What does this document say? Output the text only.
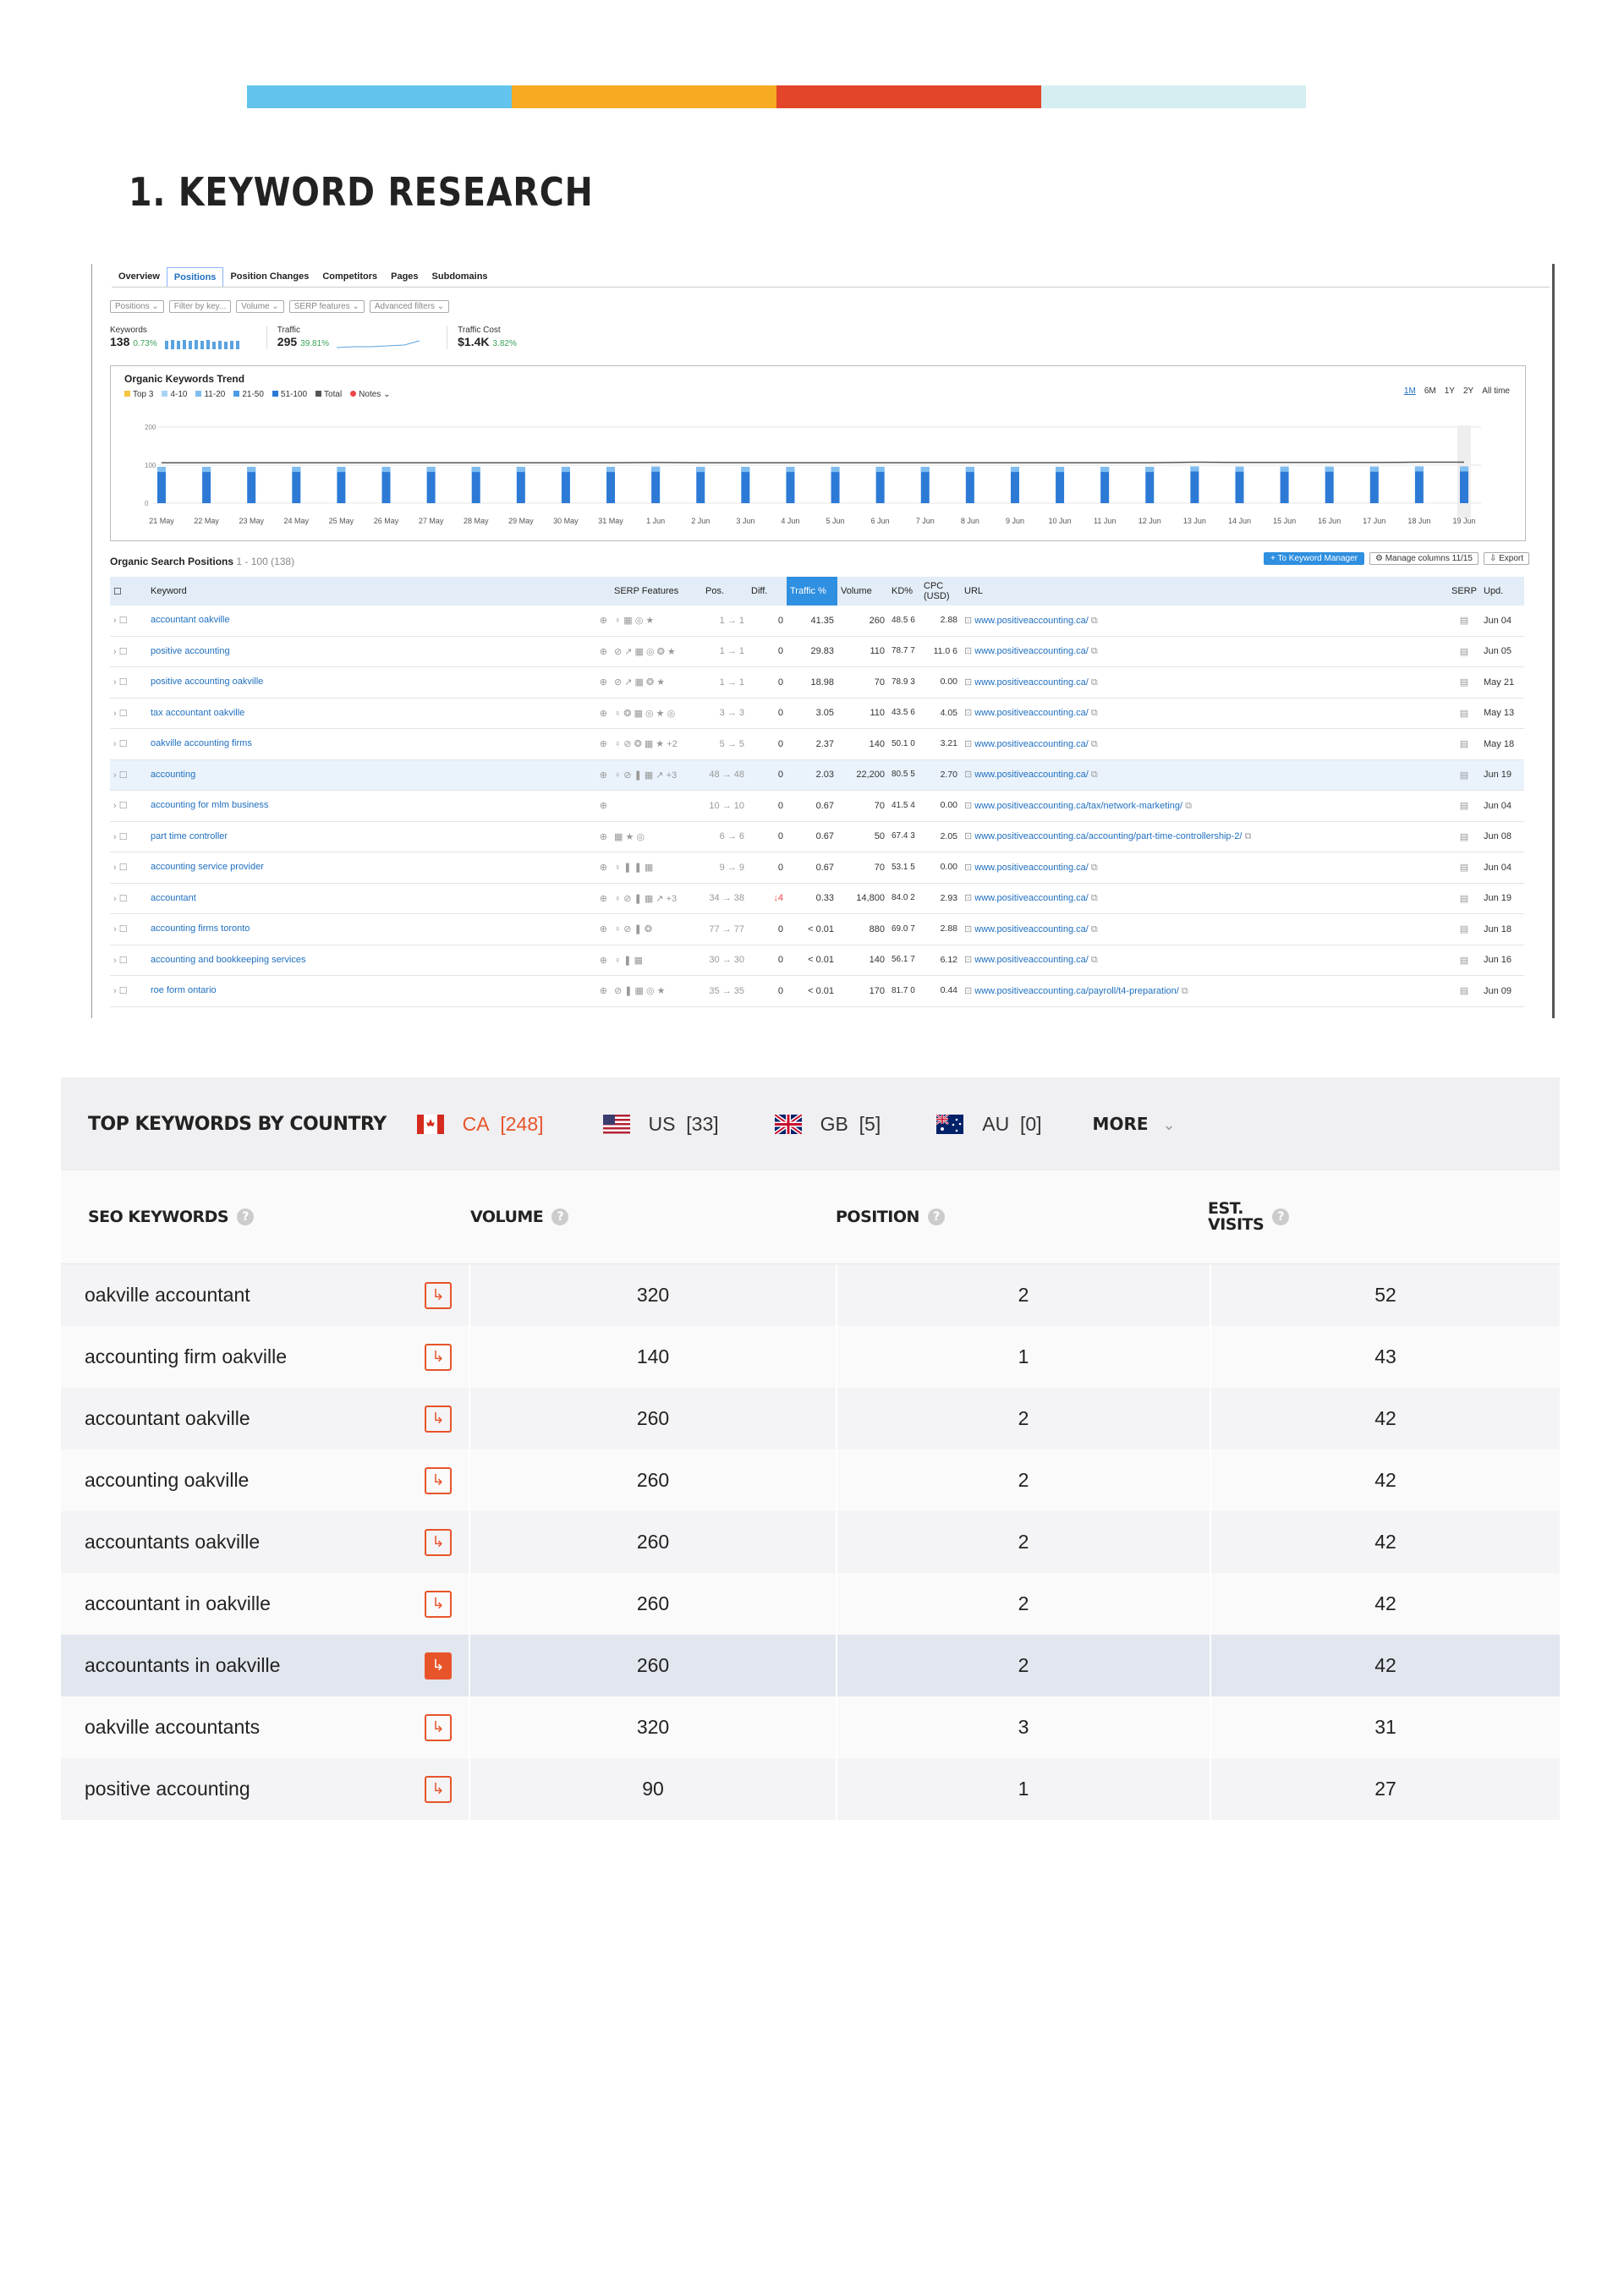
1. KEYWORD RESEARCH
Overview	Positions	Position Changes	Competitors	Pages	Subdomains
Positions ⌄	Filter by key...	Volume ⌄	SERP features ⌄	Advanced filters ⌄
Keywords
138 0.73%
Traffic
295 39.81%
Traffic Cost
$1.4K 3.82%
Organic Keywords Trend
Top 3	4-10	11-20	21-50	51-100	Total	Notes ⌄	1M 6M 1Y 2Y All time
200
100
0
21 May	22 May	23 May	24 May	25 May	26 May	27 May	28 May	29 May	30 May	31 May	1 Jun	2 Jun	3 Jun	4 Jun	5 Jun	6 Jun	7 Jun	8 Jun	9 Jun	10 Jun	11 Jun	12 Jun	13 Jun	14 Jun	15 Jun	16 Jun	17 Jun	18 Jun	19 Jun
Organic Search Positions 1 - 100 (138)	+ To Keyword Manager	⚙ Manage columns 11/15	⇩ Export
☐	Keyword	SERP Features	Pos.	Diff.	Traffic %	Volume	KD%	CPC (USD)	URL	SERP	Upd.
› ☐	accountant oakville ⊕	♀ ▦ ◎ ★	1 → 1	0	41.35	260	48.5 6	2.88	⊡ www.positiveaccounting.ca/ ⧉	▤	Jun 04
› ☐	positive accounting ⊕	⊘ ↗ ▦ ◎ ❂ ★	1 → 1	0	29.83	110	78.7 7	11.0 6	⊡ www.positiveaccounting.ca/ ⧉	▤	Jun 05
› ☐	positive accounting oakville ⊕	⊘ ↗ ▦ ❂ ★	1 → 1	0	18.98	70	78.9 3	0.00	⊡ www.positiveaccounting.ca/ ⧉	▤	May 21
› ☐	tax accountant oakville ⊕	♀ ❂ ▦ ◎ ★ ◎	3 → 3	0	3.05	110	43.5 6	4.05	⊡ www.positiveaccounting.ca/ ⧉	▤	May 13
› ☐	oakville accounting firms ⊕	♀ ⊘ ❂ ▦ ★ +2	5 → 5	0	2.37	140	50.1 0	3.21	⊡ www.positiveaccounting.ca/ ⧉	▤	May 18
› ☐	accounting ⊕	♀ ⊘ ❚ ▦ ↗ +3	48 → 48	0	2.03	22,200	80.5 5	2.70	⊡ www.positiveaccounting.ca/ ⧉	▤	Jun 19
› ☐	accounting for mlm business ⊕		10 → 10	0	0.67	70	41.5 4	0.00	⊡ www.positiveaccounting.ca/tax/network-marketing/ ⧉	▤	Jun 04
› ☐	part time controller ⊕	▦ ★ ◎	6 → 6	0	0.67	50	67.4 3	2.05	⊡ www.positiveaccounting.ca/accounting/part-time-controllership-2/ ⧉	▤	Jun 08
› ☐	accounting service provider ⊕	♀ ❚ ❚ ▦	9 → 9	0	0.67	70	53.1 5	0.00	⊡ www.positiveaccounting.ca/ ⧉	▤	Jun 04
› ☐	accountant ⊕	♀ ⊘ ❚ ▦ ↗ +3	34 → 38	↓4	0.33	14,800	84.0 2	2.93	⊡ www.positiveaccounting.ca/ ⧉	▤	Jun 19
› ☐	accounting firms toronto ⊕	♀ ⊘ ❚ ❂	77 → 77	0	< 0.01	880	69.0 7	2.88	⊡ www.positiveaccounting.ca/ ⧉	▤	Jun 18
› ☐	accounting and bookkeeping services ⊕	♀ ❚ ▦	30 → 30	0	< 0.01	140	56.1 7	6.12	⊡ www.positiveaccounting.ca/ ⧉	▤	Jun 16
› ☐	roe form ontario ⊕	⊘ ❚ ▦ ◎ ★	35 → 35	0	< 0.01	170	81.7 0	0.44	⊡ www.positiveaccounting.ca/payroll/t4-preparation/ ⧉	▤	Jun 09
TOP KEYWORDS BY COUNTRY	CA
[248]	US
[33]	GB
[5]	AU
[0]	MORE ⌄
SEO KEYWORDS	?	VOLUME	?	POSITION	?	EST. VISITS	?
oakville accountant	↳	320	2	52
accounting firm oakville	↳	140	1	43
accountant oakville	↳	260	2	42
accounting oakville	↳	260	2	42
accountants oakville	↳	260	2	42
accountant in oakville	↳	260	2	42
accountants in oakville	↳	260	2	42
oakville accountants	↳	320	3	31
positive accounting	↳	90	1	27
